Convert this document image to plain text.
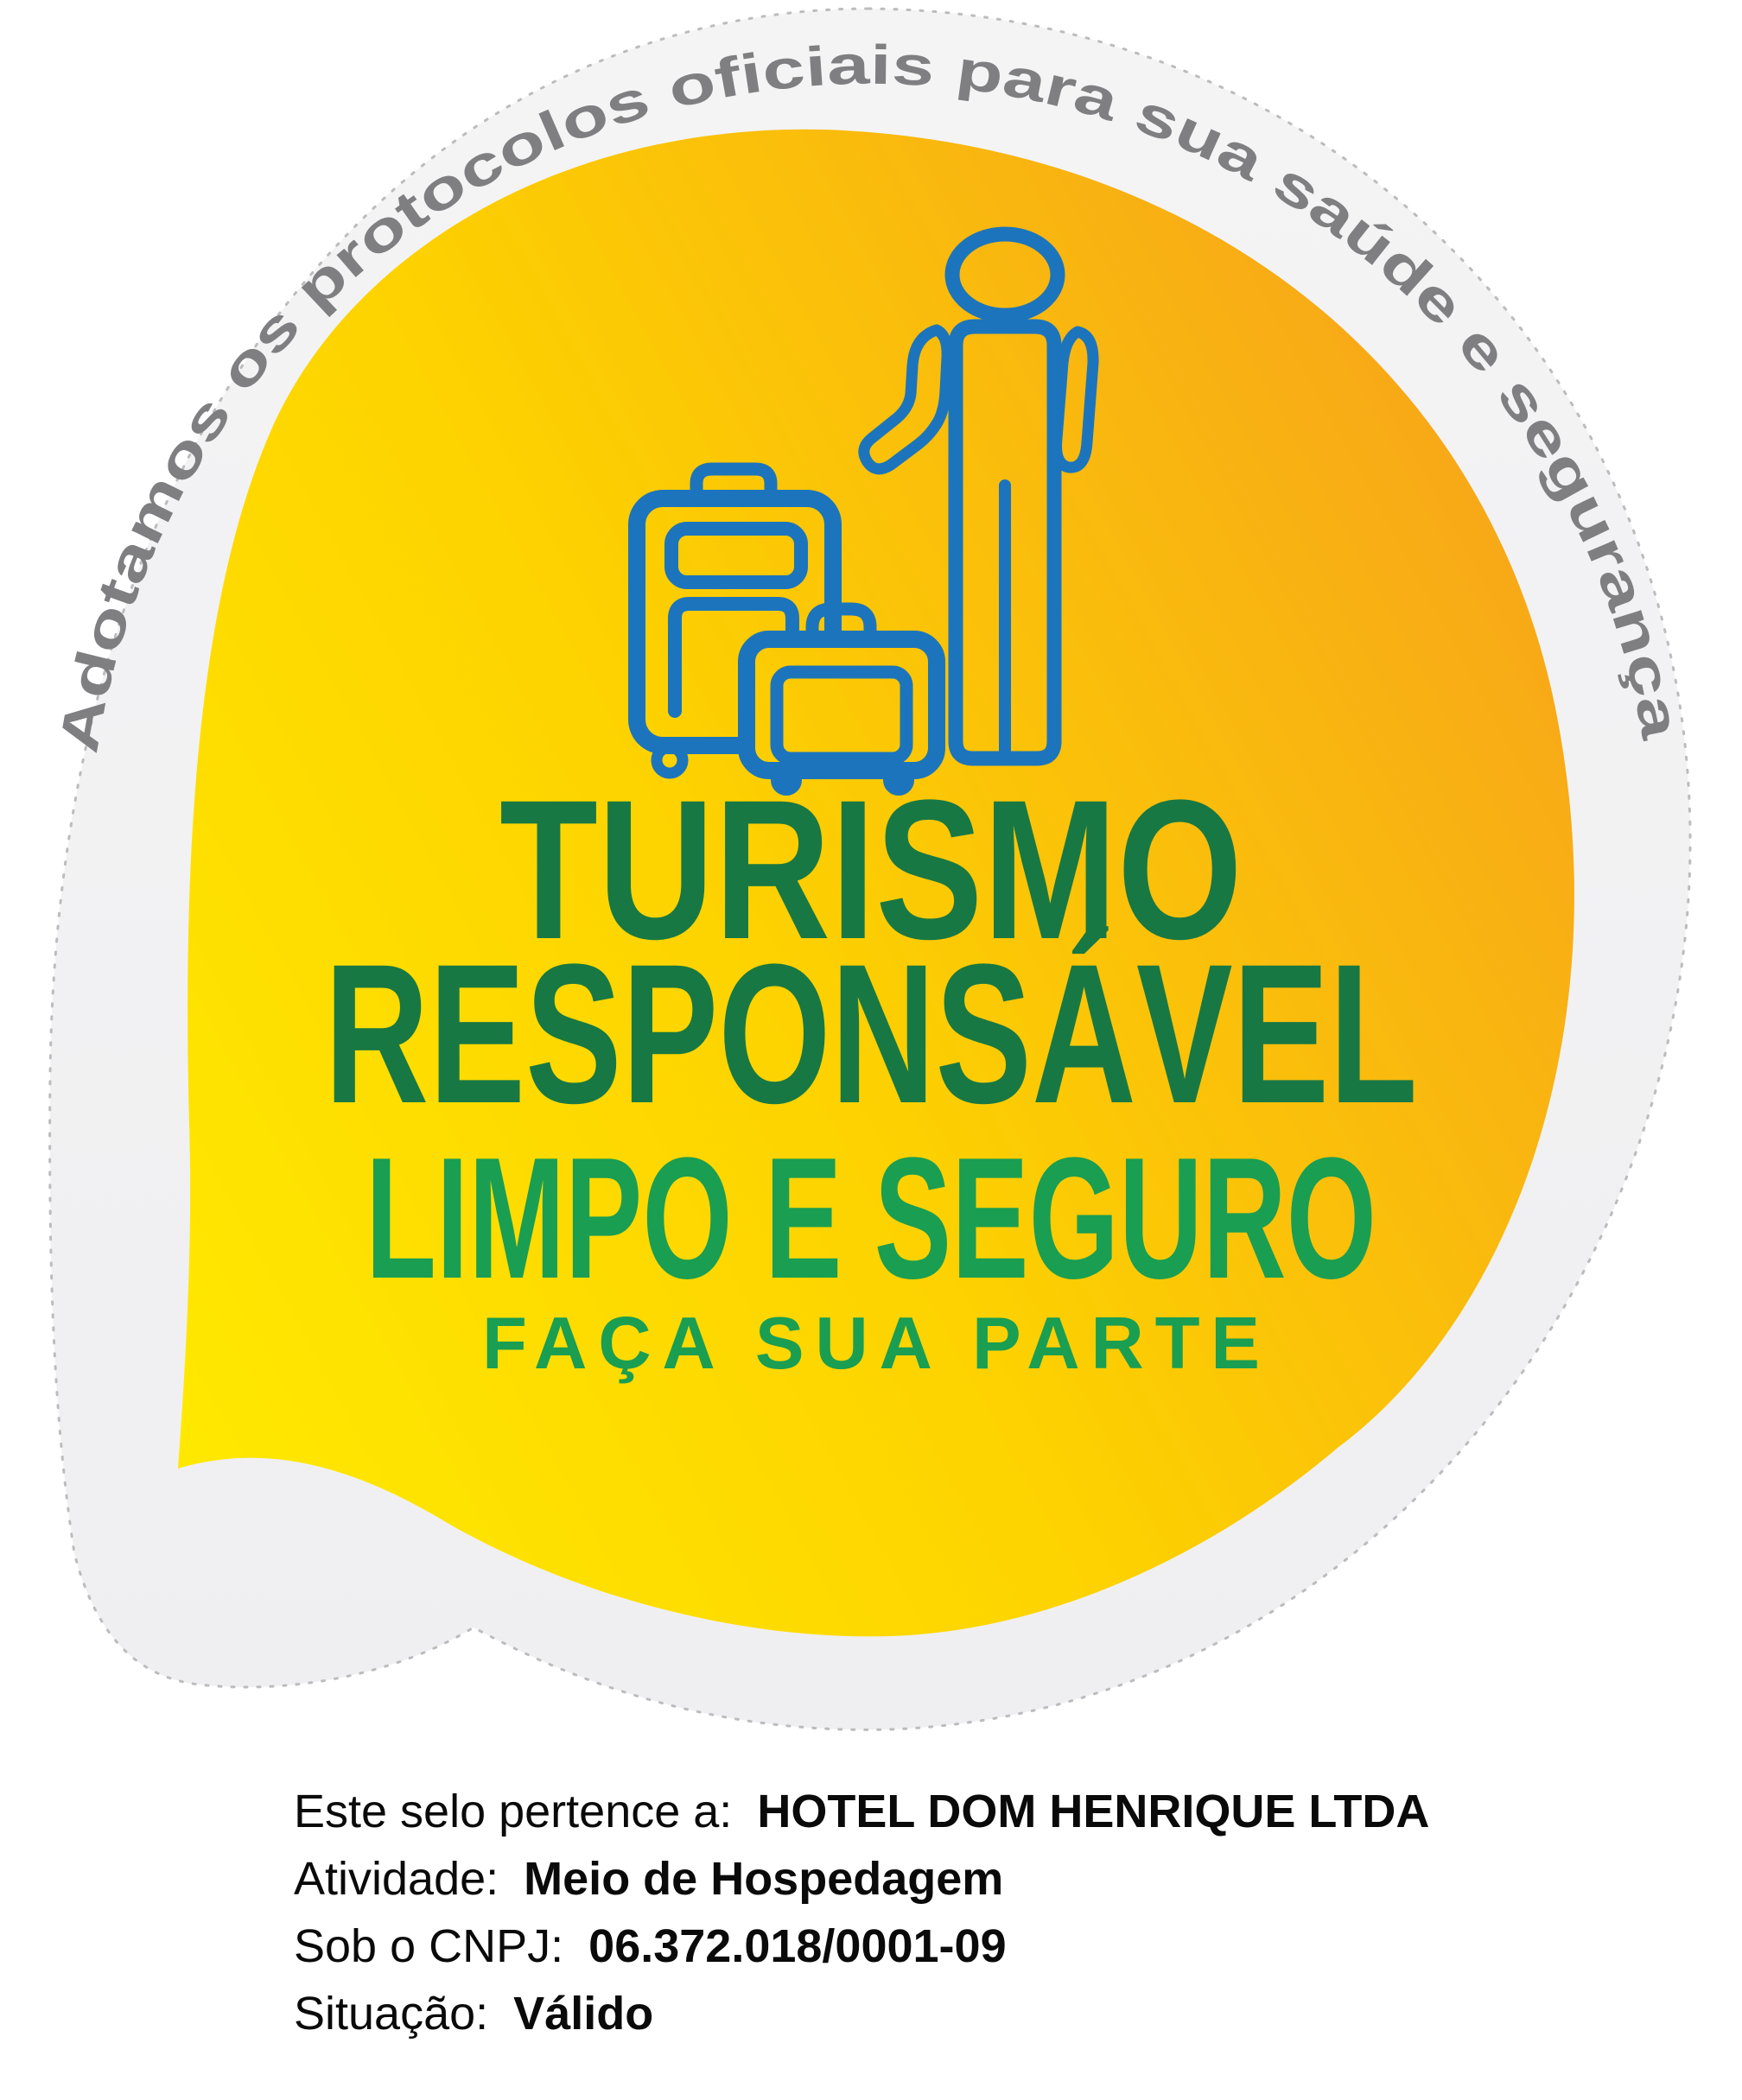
Adotamos os protocolos oficiais para sua saúde e segurança
TURISMO
RESPONSÁVEL
LIMPO E SEGURO
FAÇA SUA PARTE
Este selo pertence a: HOTEL DOM HENRIQUE LTDA
Atividade: Meio de Hospedagem
Sob o CNPJ: 06.372.018/0001-09
Situação: Válido
